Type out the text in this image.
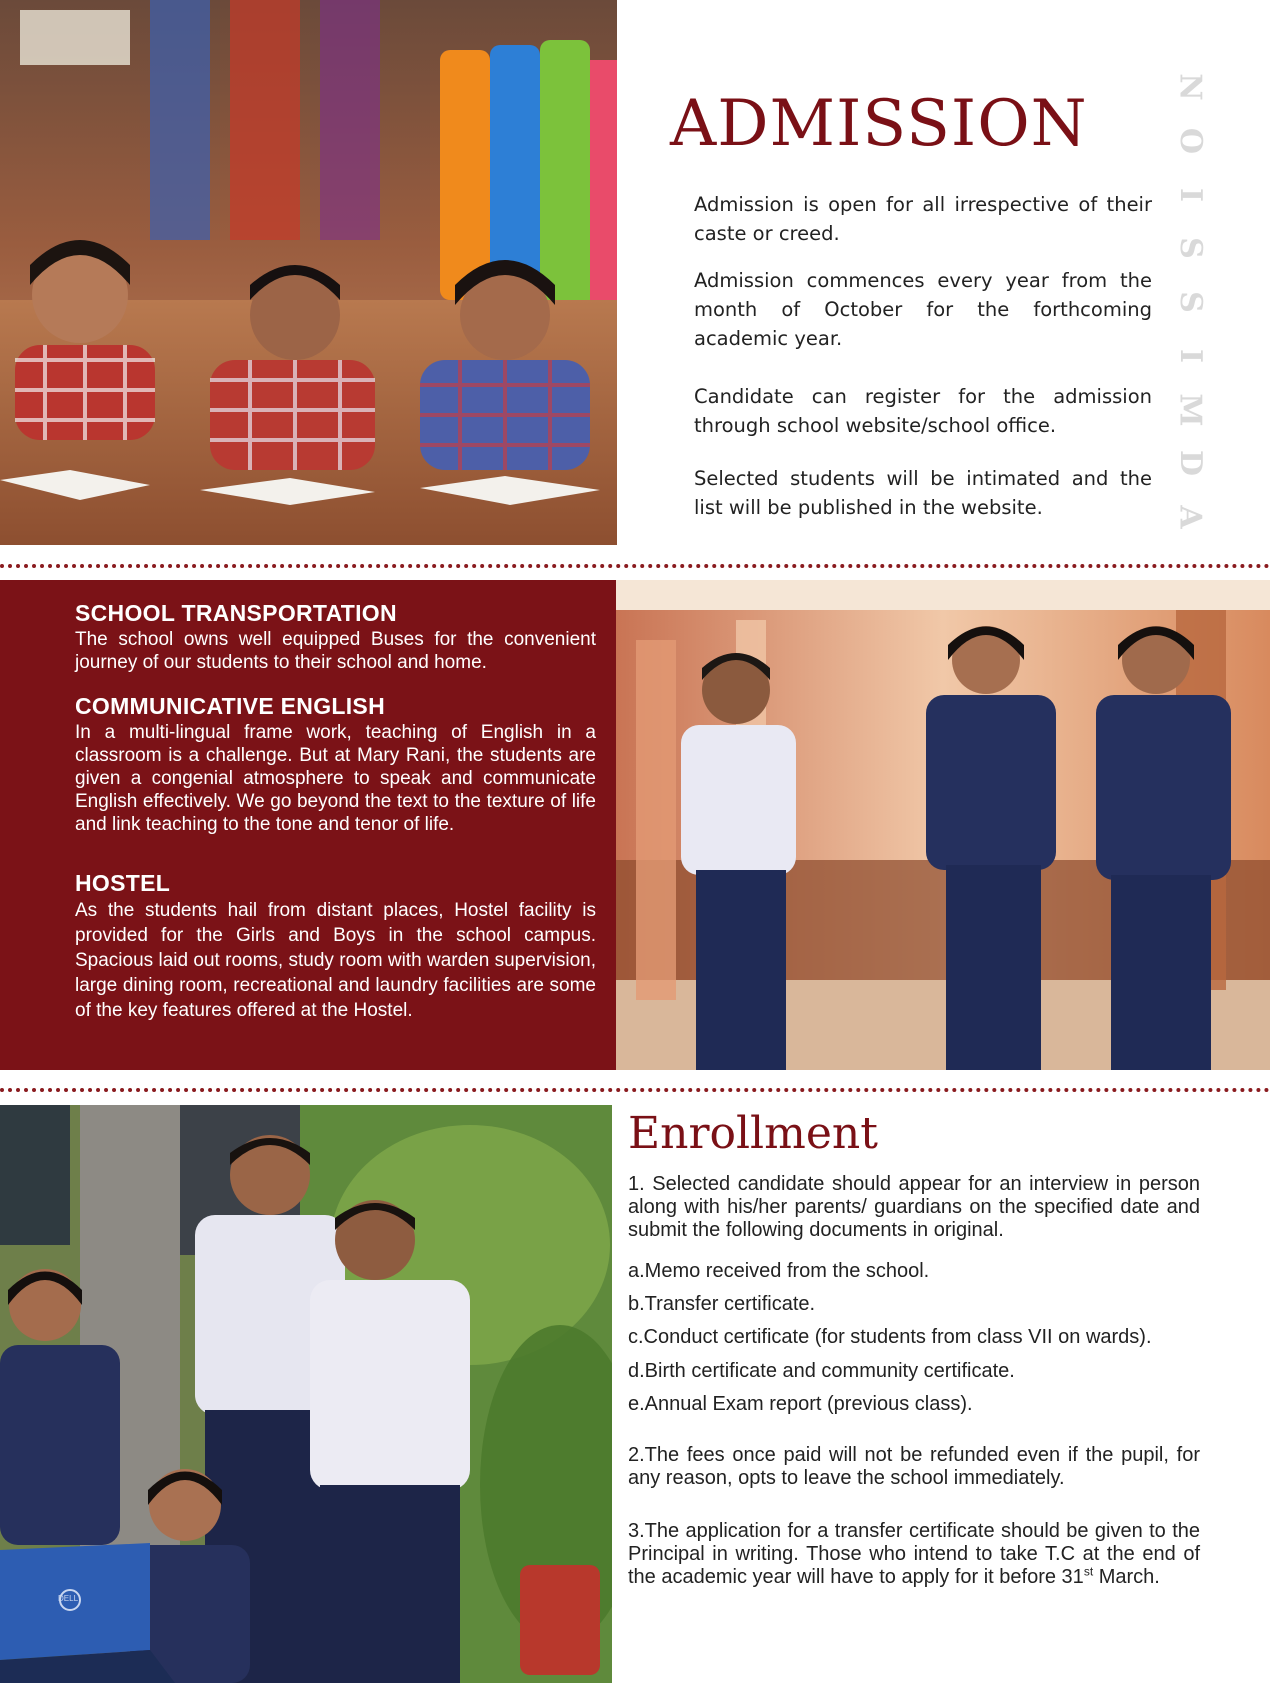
ADMISSION	N
O
I
S
S
I
M
D
A

Admission is open for all irrespective of their caste or creed.

Admission commences every year from the month of October for the forthcoming academic year.

Candidate can register for the admission through school website/school office.

Selected students will be intimated and the list will be published in the website.

SCHOOL TRANSPORTATION

The school owns well equipped Buses for the convenient journey of our students to their school and home.

COMMUNICATIVE ENGLISH

In a multi-lingual frame work, teaching of English in a classroom is a challenge. But at Mary Rani, the students are given a congenial atmosphere to speak and communicate English effectively. We go beyond the text to the texture of life and link teaching to the tone and tenor of life.

HOSTEL

As the students hail from distant places, Hostel facility is provided for the Girls and Boys in the school campus. Spacious laid out rooms, study room with warden supervision, large dining room, recreational and laundry facilities are some of the key features offered at the Hostel.

Enrollment

1. Selected candidate should appear for an interview in person along with his/her parents/ guardians on the specified date and submit the following documents in original.

a.Memo received from the school.
b.Transfer certificate.
c.Conduct certificate (for students from class VII on wards).
d.Birth certificate and community certificate.
e.Annual Exam report (previous class).

2.The fees once paid will not be refunded even if the pupil, for any reason, opts to leave the school immediately.

3.The application for a transfer certificate should be given to the Principal in writing. Those who intend to take T.C at the end of the academic year will have to apply for it before 31st March.

DELL
